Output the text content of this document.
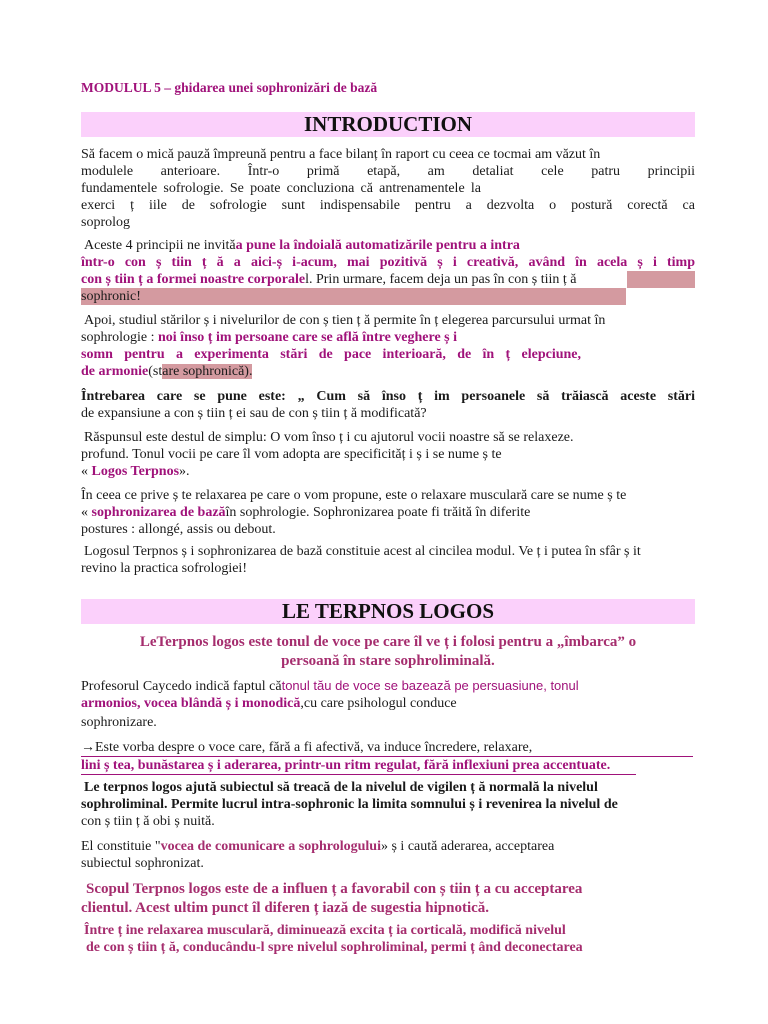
MODULUL 5 – ghidarea unei sophronizări de bază
INTRODUCTION

Să facem o mică pauză împreună pentru a face bilanț în raport cu ceea ce tocmai am văzut în

modulele anterioare. Într-o primă etapă, am detaliat cele patru principii

fundamentele sofrologie. Se poate concluziona că antrenamentele la

exerci ț iile de sofrologie sunt indispensabile pentru a dezvolta o postură corectă ca

soprolog

Aceste 4 principii ne invităa pune la îndoială automatizările pentru a intra

într-o con ș tiin ț ă a aici-ș i-acum, mai pozitivă ș i creativă, având în acela ș i timp

con ș tiin ț a formei noastre corporalel. Prin urmare, facem deja un pas în con ș tiin ț ă

sophronic!

Apoi, studiul stărilor ș i nivelurilor de con ș tien ț ă permite în ț elegerea parcursului urmat în

sophrologie : noi înso ț im persoane care se află între veghere ș i

somn pentru a experimenta stări de pace interioară, de în ț elepciune,

de armonie(stare sophronică).

Întrebarea care se pune este: „ Cum să înso ț im persoanele să trăiască aceste stări

de expansiune a con ș tiin ț ei sau de con ș tiin ț ă modificată?

Răspunsul este destul de simplu: O vom înso ț i cu ajutorul vocii noastre să se relaxeze.

profund. Tonul vocii pe care îl vom adopta are specificităț i ș i se nume ș te

« Logos Terpnos».

În ceea ce prive ș te relaxarea pe care o vom propune, este o relaxare musculară care se nume ș te

« sophronizarea de bazăîn sophrologie. Sophronizarea poate fi trăită în diferite

postures : allongé, assis ou debout.

Logosul Terpnos ș i sophronizarea de bază constituie acest al cincilea modul. Ve ț i putea în sfâr ș it

revino la practica sofrologiei!

LE TERPNOS LOGOS

LeTerpnos logos este tonul de voce pe care îl ve ț i folosi pentru a „îmbarca” o

persoană în stare sophroliminală.

Profesorul Caycedo indică faptul cătonul tău de voce se bazează pe persuasiune, tonul

armonios, vocea blândă ș i monodică,cu care psihologul conduce

sophronizare.

→Este vorba despre o voce care, fără a fi afectivă, va induce încredere, relaxare,

lini ș tea, bunăstarea ș i aderarea, printr-un ritm regulat, fără inflexiuni prea accentuate.

Le terpnos logos ajută subiectul să treacă de la nivelul de vigilen ț ă normală la nivelul

sophroliminal. Permite lucrul intra-sophronic la limita somnului ș i revenirea la nivelul de

con ș tiin ț ă obi ș nuită.

El constituie "vocea de comunicare a sophrologului» ș i caută aderarea, acceptarea

subiectul sophronizat.

Scopul Terpnos logos este de a influen ț a favorabil con ș tiin ț a cu acceptarea

clientul. Acest ultim punct îl diferen ț iază de sugestia hipnotică.

Între ț ine relaxarea musculară, diminuează excita ț ia corticală, modifică nivelul

de con ș tiin ț ă, conducându-l spre nivelul sophroliminal, permi ț ând deconectarea
